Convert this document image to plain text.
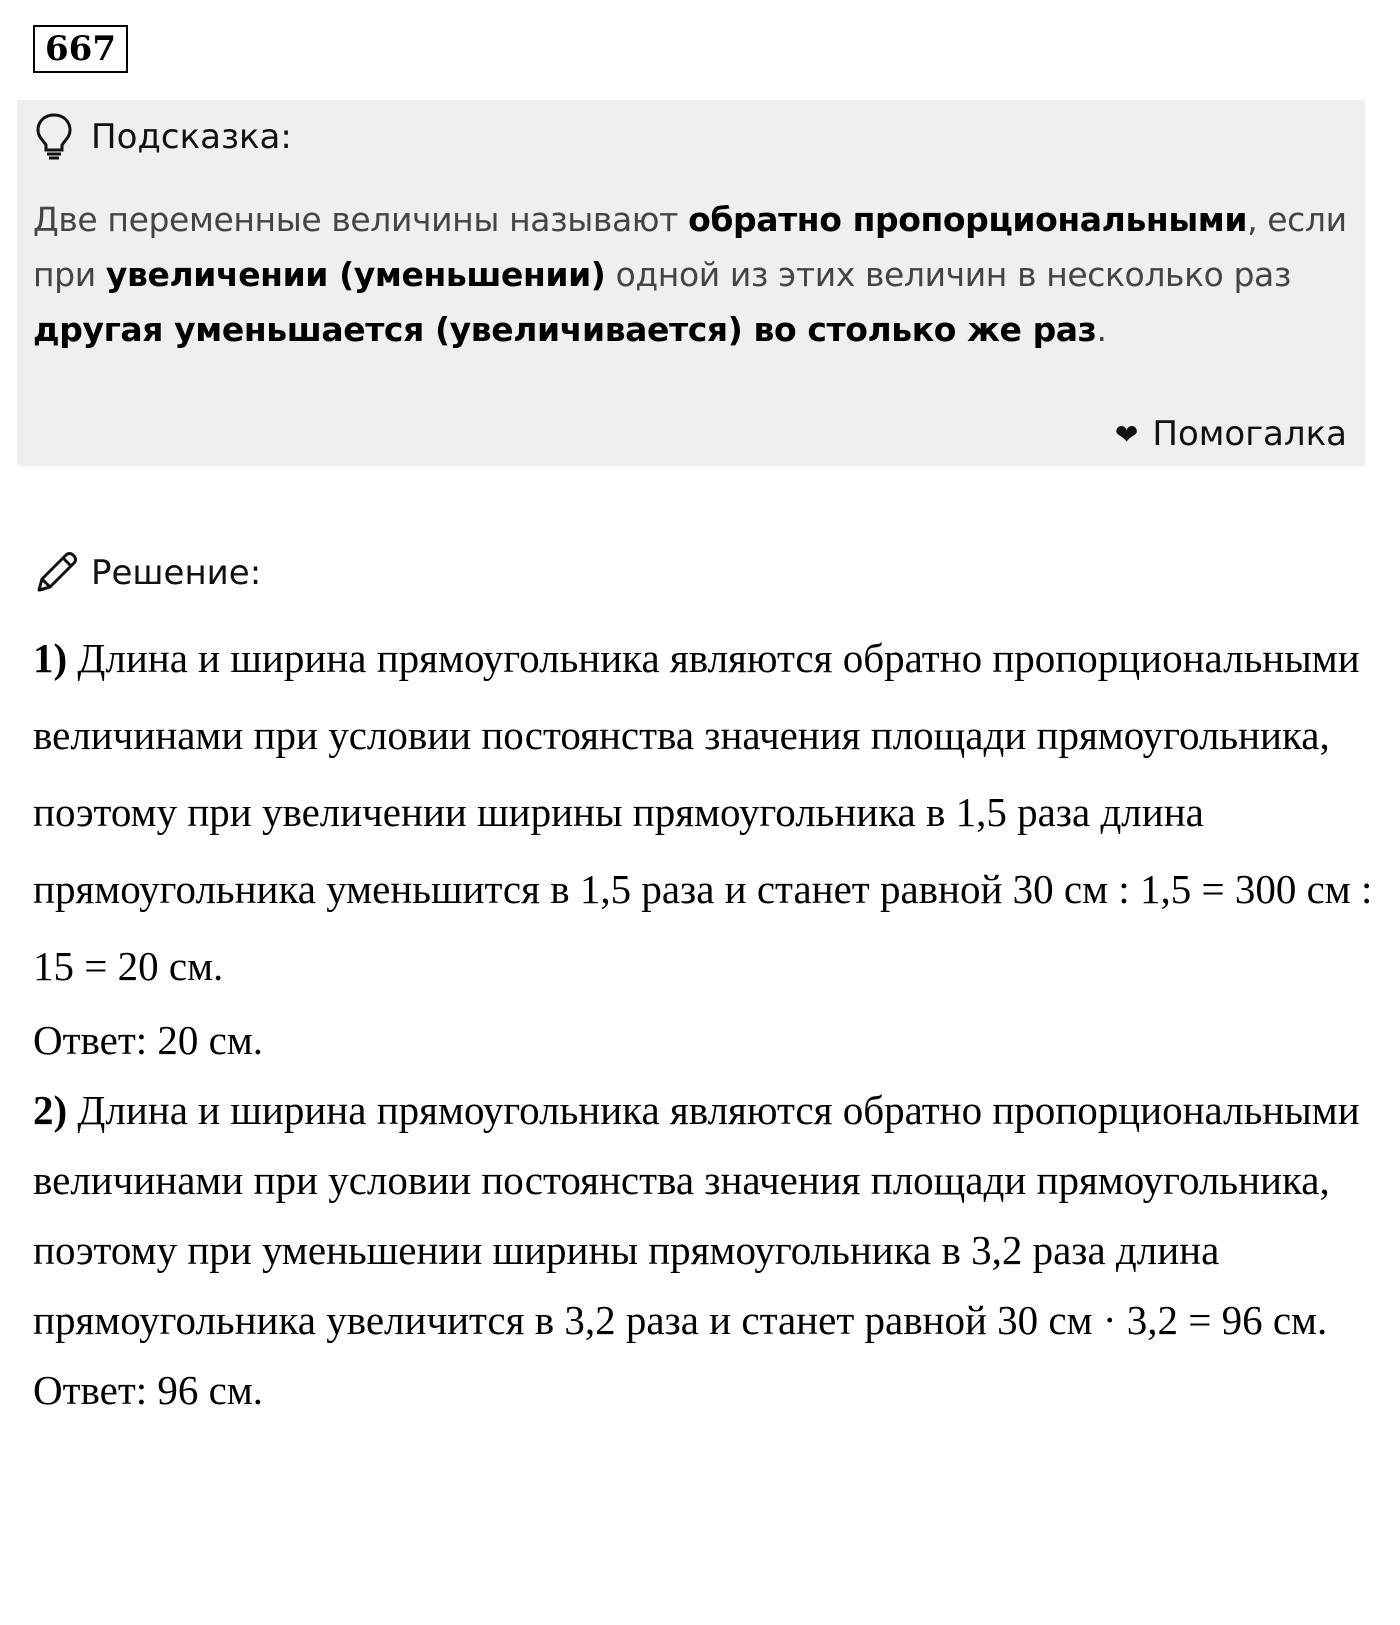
667
Подсказка:
Две переменные величины называют обратно пропорциональными, если при увеличении (уменьшении) одной из этих величин в несколько раз другая уменьшается (увеличивается) во столько же раз.
❤ Помогалка
Решение:
1) Длина и ширина прямоугольника являются обратно пропорциональными величинами при условии постоянства значения площади прямоугольника, поэтому при увеличении ширины прямоугольника в 1,5 раза длина прямоугольника уменьшится в 1,5 раза и станет равной 30 см : 1,5 = 300 см : 15 = 20 см.
Ответ: 20 см.
2) Длина и ширина прямоугольника являются обратно пропорциональными величинами при условии постоянства значения площади прямоугольника, поэтому при уменьшении ширины прямоугольника в 3,2 раза длина прямоугольника увеличится в 3,2 раза и станет равной 30 см · 3,2 = 96 см.
Ответ: 96 см.
